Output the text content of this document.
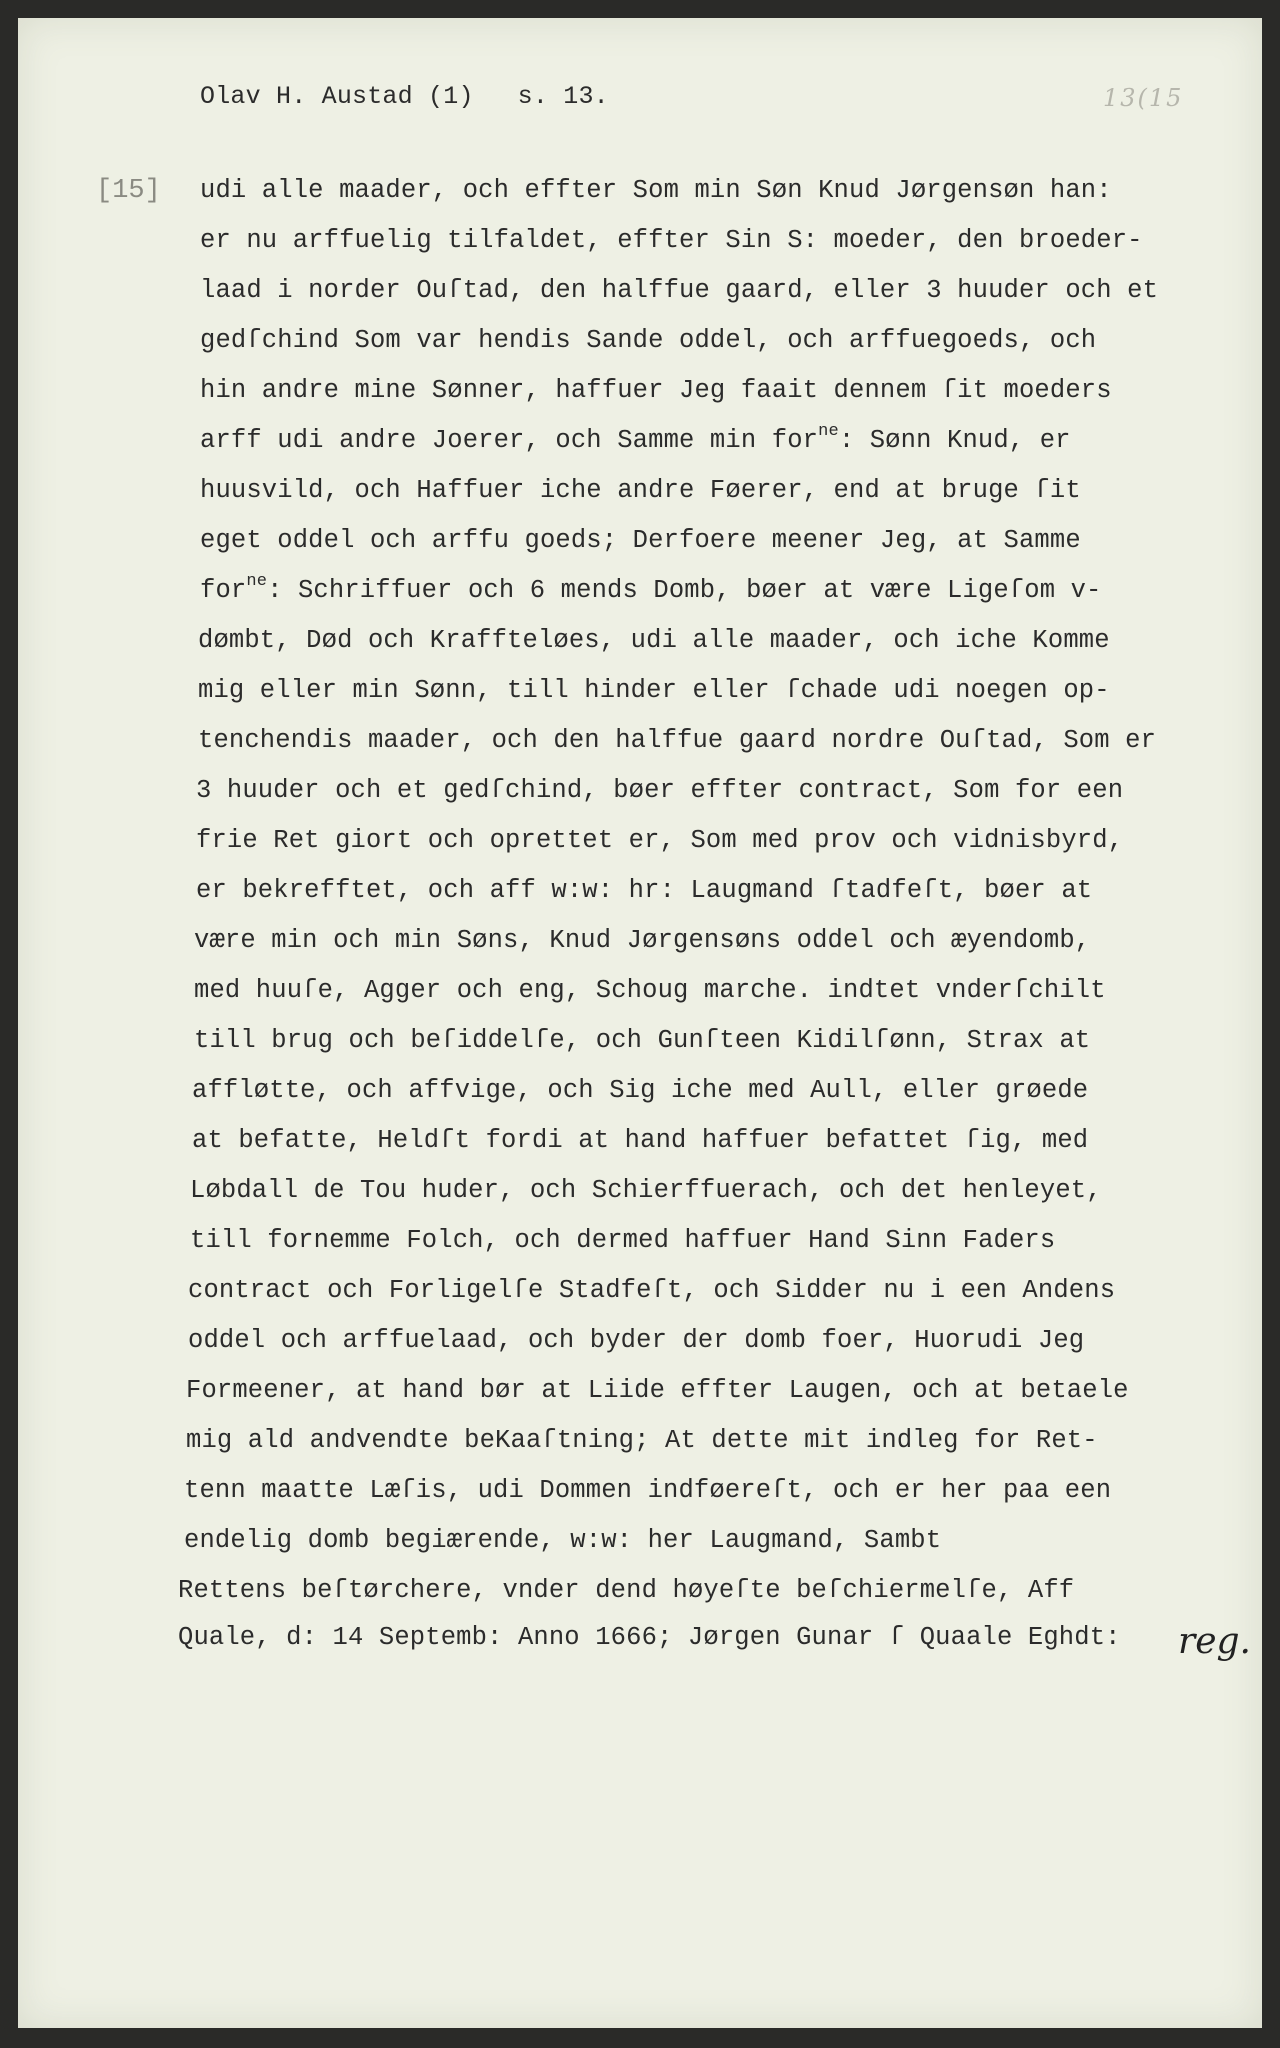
Olav H. Austad (1) s. 13.	13(15
[15] udi alle maader, och effter Som min Søn Knud Jørgensøn han:
er nu arffuelig tilfaldet, effter Sin S: moeder, den broeder-
laad i norder Ouſtad, den halffue gaard, eller 3 huuder och et
gedſchind Som var hendis Sande oddel, och arffuegoeds, och
hin andre mine Sønner, haffuer Jeg faait dennem ſit moeders
arff udi andre Joerer, och Samme min for$^{ne}$: Sønn Knud, er
huusvild, och Haffuer iche andre Føerer, end at bruge ſit
eget oddel och arffu goeds; Derfoere meener Jeg, at Samme
for$^{ne}$: Schriffuer och 6 mends Domb, bøer at være Ligeſom v-
dømbt, Død och Kraffteløes, udi alle maader, och iche Komme
mig eller min Sønn, till hinder eller ſchade udi noegen op-
tenchendis maader, och den halffue gaard nordre Ouſtad, Som er
3 huuder och et gedſchind, bøer effter contract, Som for een
frie Ret giort och oprettet er, Som med prov och vidnisbyrd,
er bekrefftet, och aff w:w: hr: Laugmand ſtadfeſt, bøer at
være min och min Søns, Knud Jørgensøns oddel och æyendomb,
med huuſe, Agger och eng, Schoug marche. indtet vnderſchilt
till brug och beſiddelſe, och Gunſteen Kidilſønn, Strax at
affløtte, och affvige, och Sig iche med Aull, eller grøede
at befatte, Heldſt fordi at hand haffuer befattet ſig, med
Løbdall de Tou huder, och Schierffuerach, och det henleyet,
till fornemme Folch, och dermed haffuer Hand Sinn Faders
contract och Forligelſe Stadfeſt, och Sidder nu i een Andens
oddel och arffuelaad, och byder der domb foer, Huorudi Jeg
Formeener, at hand bør at Liide effter Laugen, och at betaele
mig ald andvendte beKaaſtning; At dette mit indleg for Ret-
tenn maatte Læſis, udi Dommen indføereſt, och er her paa een
endelig domb begiærende, w:w: her Laugmand, Sambt
Rettens beſtørchere, vnder dend høyeſte beſchiermelſe, Aff
Quale, d: 14 Septemb: Anno 1666; Jørgen Gunar ſ Quaale Eghdt: reg.
